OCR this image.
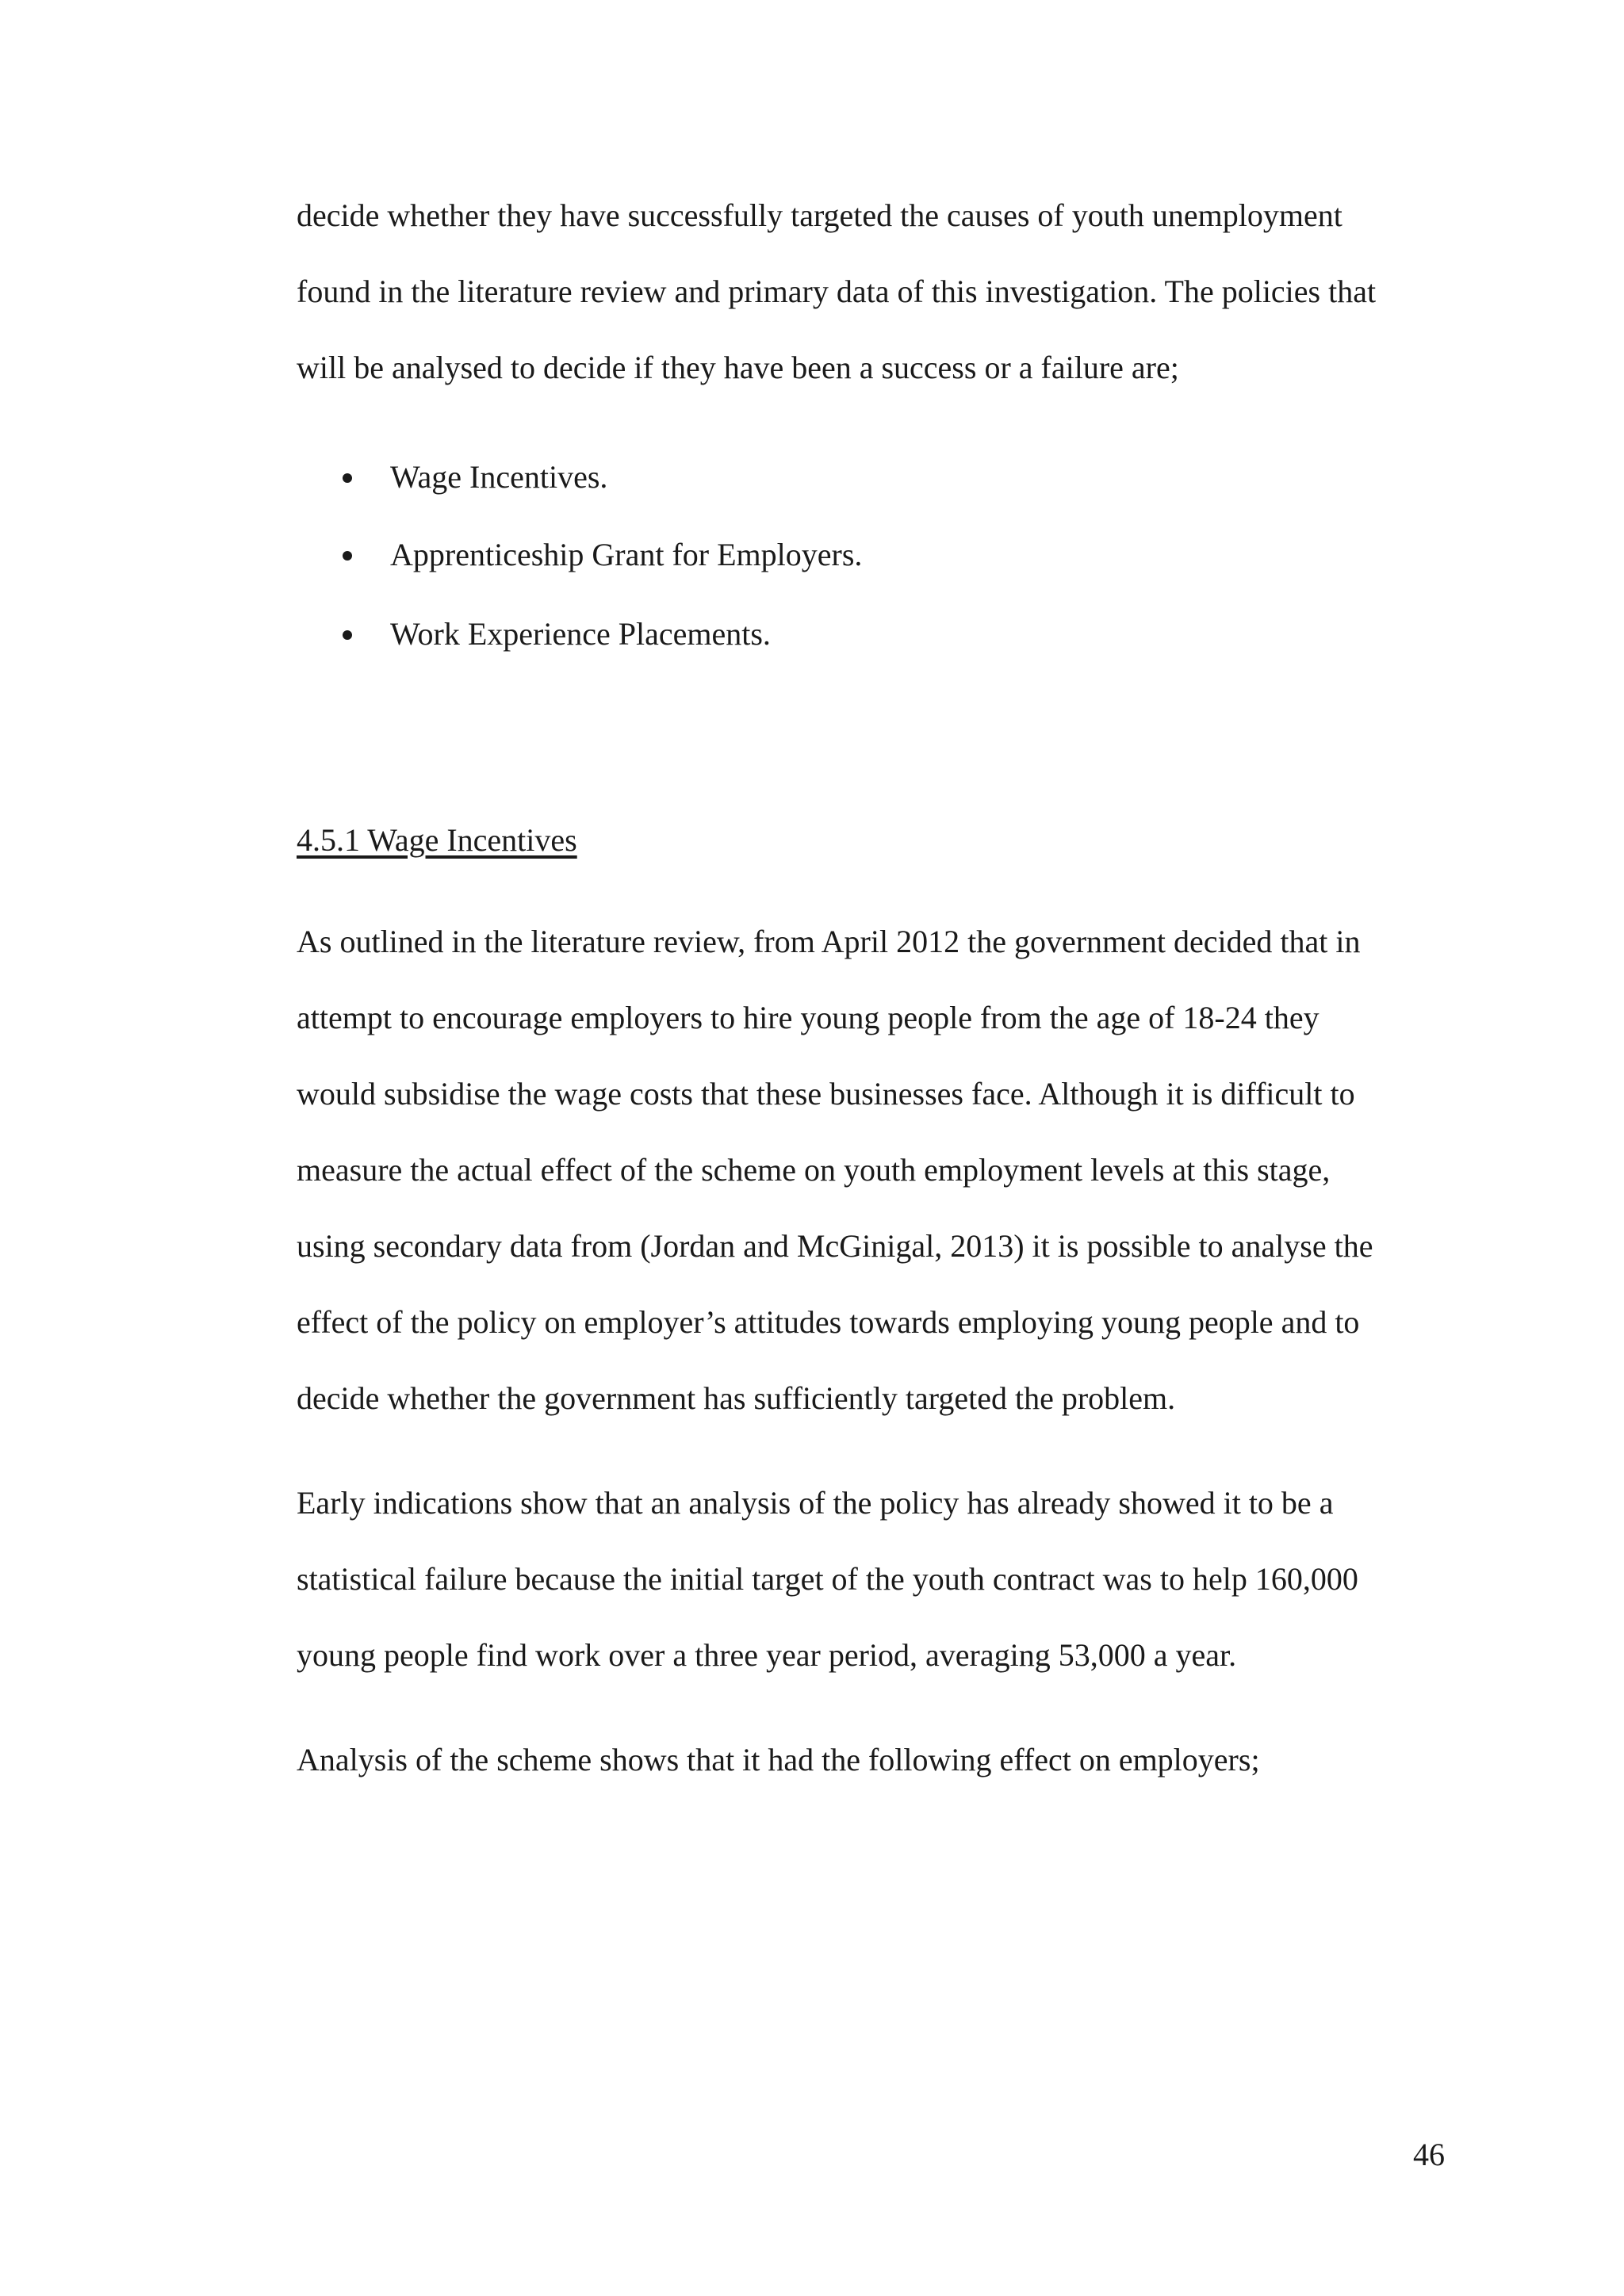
decide whether they have successfully targeted the causes of youth unemployment
found in the literature review and primary data of this investigation. The policies that
will be analysed to decide if they have been a success or a failure are;
Wage Incentives.
Apprenticeship Grant for Employers.
Work Experience Placements.
4.5.1 Wage Incentives
As outlined in the literature review, from April 2012 the government decided that in
attempt to encourage employers to hire young people from the age of 18-24 they
would subsidise the wage costs that these businesses face. Although it is difficult to
measure the actual effect of the scheme on youth employment levels at this stage,
using secondary data from (Jordan and McGinigal, 2013) it is possible to analyse the
effect of the policy on employer’s attitudes towards employing young people and to
decide whether the government has sufficiently targeted the problem.
Early indications show that an analysis of the policy has already showed it to be a
statistical failure because the initial target of the youth contract was to help 160,000
young people find work over a three year period, averaging 53,000 a year.
Analysis of the scheme shows that it had the following effect on employers;
46
